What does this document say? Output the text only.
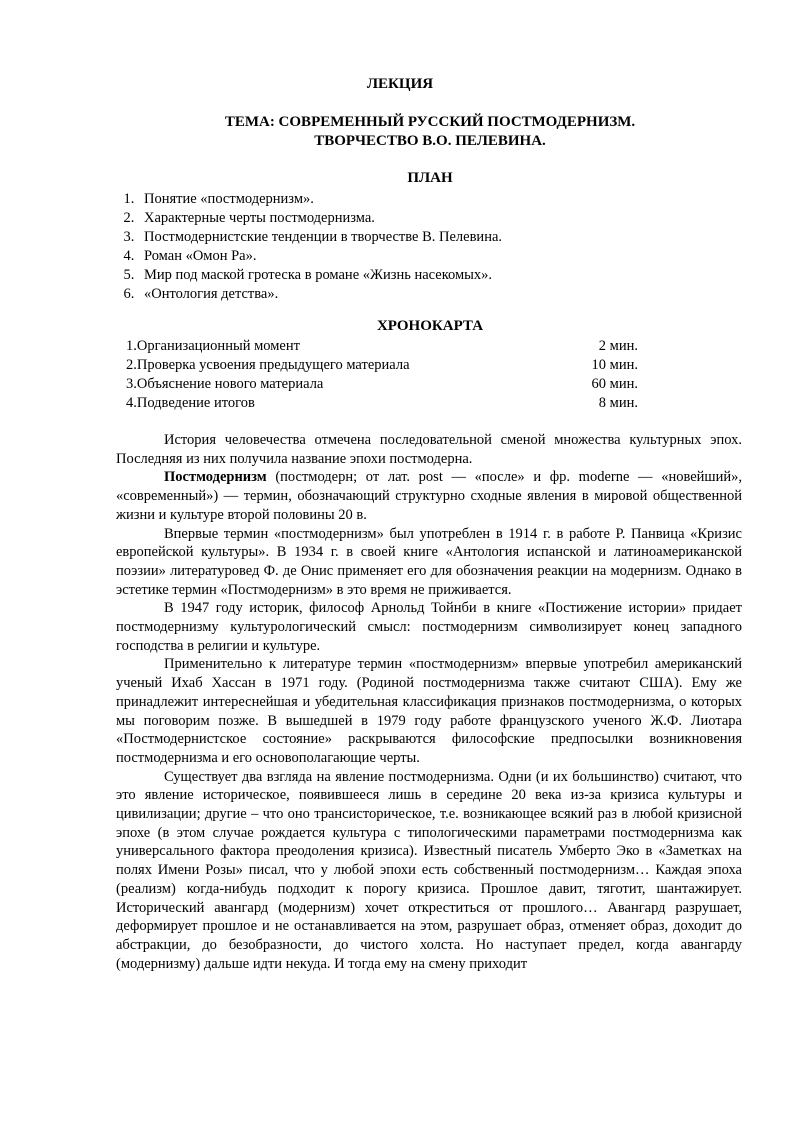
ЛЕКЦИЯ
ТЕМА: СОВРЕМЕННЫЙ РУССКИЙ ПОСТМОДЕРНИЗМ.
ТВОРЧЕСТВО В.О. ПЕЛЕВИНА.
ПЛАН
1. Понятие «постмодернизм».
2. Характерные черты постмодернизма.
3. Постмодернистские тенденции в творчестве В. Пелевина.
4. Роман «Омон Ра».
5. Мир под маской гротеска в романе «Жизнь насекомых».
6. «Онтология детства».
ХРОНОКАРТА
1.Организационный момент	2 мин.
2.Проверка усвоения предыдущего материала	10 мин.
3.Объяснение нового материала	60 мин.
4.Подведение итогов	8 мин.

История человечества отмечена последовательной сменой множества культурных эпох. Последняя из них получила название эпохи постмодерна.

Постмодернизм (постмодерн; от лат. post — «после» и фр. moderne — «новейший», «современный») — термин, обозначающий структурно сходные явления в мировой общественной жизни и культуре второй половины 20 в.

Впервые термин «постмодернизм» был употреблен в 1914 г. в работе Р. Панвица «Кризис европейской культуры». В 1934 г. в своей книге «Антология испанской и латиноамериканской поэзии» литературовед Ф. де Онис применяет его для обозначения реакции на модернизм. Однако в эстетике термин «Постмодернизм» в это время не приживается.

В 1947 году историк, философ Арнольд Тойнби в книге «Постижение истории» придает постмодернизму культурологический смысл: постмодернизм символизирует конец западного господства в религии и культуре.

Применительно к литературе термин «постмодернизм» впервые употребил американский ученый Ихаб Хассан в 1971 году. (Родиной постмодернизма также считают США). Ему же принадлежит интереснейшая и убедительная классификация признаков постмодернизма, о которых мы поговорим позже. В вышедшей в 1979 году работе французского ученого Ж.Ф. Лиотара «Постмодернистское состояние» раскрываются философские предпосылки возникновения постмодернизма и его основополагающие черты.

Существует два взгляда на явление постмодернизма. Одни (и их большинство) считают, что это явление историческое, появившееся лишь в середине 20 века из-за кризиса культуры и цивилизации; другие – что оно трансисторическое, т.е. возникающее всякий раз в любой кризисной эпохе (в этом случае рождается культура с типологическими параметрами постмодернизма как универсального фактора преодоления кризиса). Известный писатель Умберто Эко в «Заметках на полях Имени Розы» писал, что у любой эпохи есть собственный постмодернизм… Каждая эпоха (реализм) когда-нибудь подходит к порогу кризиса. Прошлое давит, тяготит, шантажирует. Исторический авангард (модернизм) хочет откреститься от прошлого… Авангард разрушает, деформирует прошлое и не останавливается на этом, разрушает образ, отменяет образ, доходит до абстракции, до безобразности, до чистого холста. Но наступает предел, когда авангарду (модернизму) дальше идти некуда. И тогда ему на смену приходит
